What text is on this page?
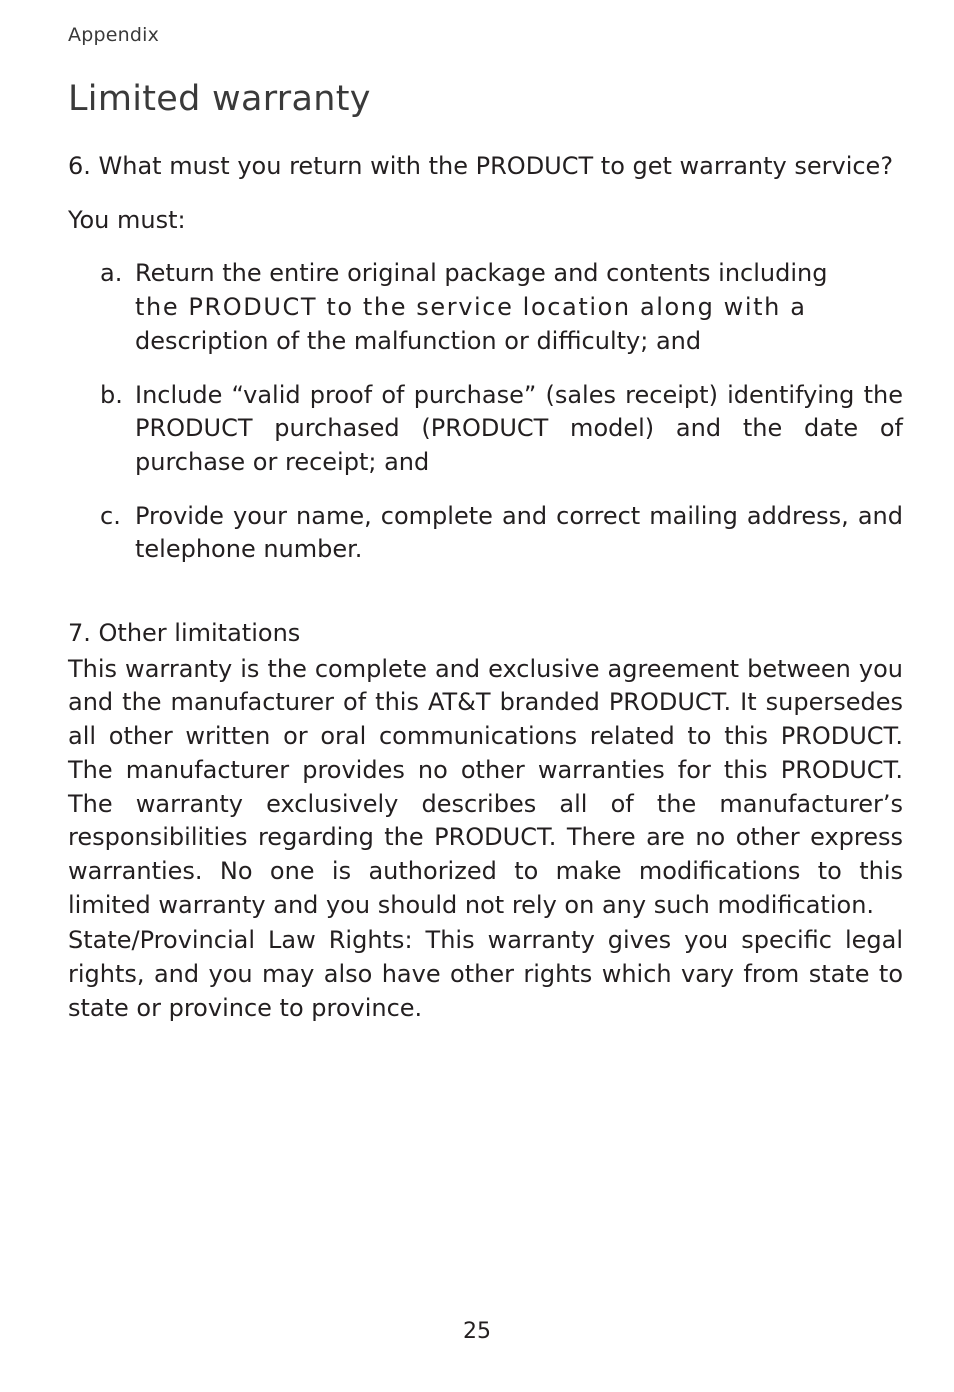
Appendix
Limited warranty

6. What must you return with the PRODUCT to get warranty service?

You must:

a. Return the entire original package and contents including
the PRODUCT to the service location along with a
description of the malfunction or difficulty; and
b. Include “valid proof of purchase” (sales receipt) identifying the PRODUCT purchased (PRODUCT model) and the date of purchase or receipt; and
c. Provide your name, complete and correct mailing address, and telephone number.

7. Other limitations

This warranty is the complete and exclusive agreement between you and the manufacturer of this AT&T branded PRODUCT. It supersedes all other written or oral communications related to this PRODUCT. The manufacturer provides no other warranties for this PRODUCT. The warranty exclusively describes all of the manufacturer’s responsibilities regarding the PRODUCT. There are no other express warranties. No one is authorized to make modifications to this limited warranty and you should not rely on any such modification.

State/Provincial Law Rights: This warranty gives you specific legal rights, and you may also have other rights which vary from state to state or province to province.

25
